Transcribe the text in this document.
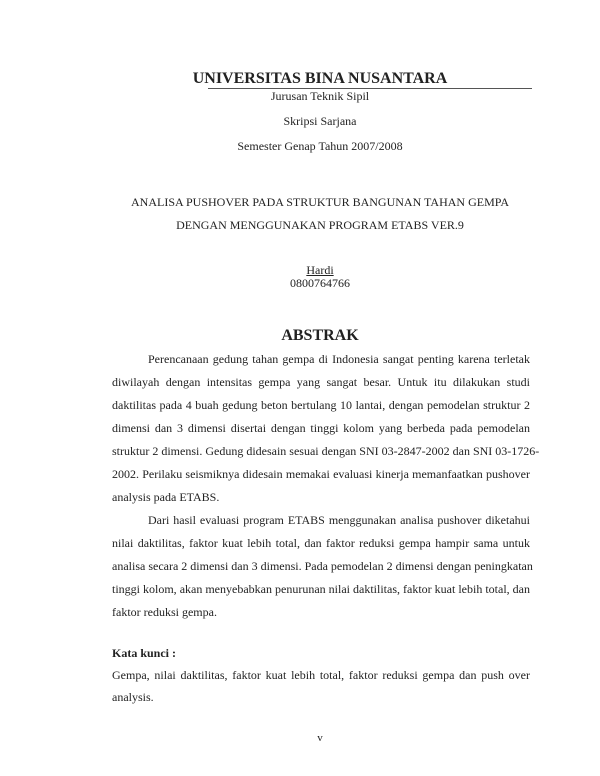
UNIVERSITAS BINA NUSANTARA
Jurusan Teknik Sipil
Skripsi Sarjana
Semester Genap Tahun 2007/2008
ANALISA PUSHOVER PADA STRUKTUR BANGUNAN TAHAN GEMPA
DENGAN MENGGUNAKAN PROGRAM ETABS VER.9
Hardi
0800764766
ABSTRAK
Perencanaan gedung tahan gempa di Indonesia sangat penting karena terletak
diwilayah dengan intensitas gempa yang sangat besar. Untuk itu dilakukan studi
daktilitas pada 4 buah gedung beton bertulang 10 lantai, dengan pemodelan struktur 2
dimensi dan 3 dimensi disertai dengan tinggi kolom yang berbeda pada pemodelan
struktur 2 dimensi. Gedung didesain sesuai dengan SNI 03-2847-2002 dan SNI 03-1726-
2002. Perilaku seismiknya didesain memakai evaluasi kinerja memanfaatkan pushover
analysis pada ETABS.
Dari hasil evaluasi program ETABS menggunakan analisa pushover diketahui
nilai daktilitas, faktor kuat lebih total, dan faktor reduksi gempa hampir sama untuk
analisa secara 2 dimensi dan 3 dimensi. Pada pemodelan 2 dimensi dengan peningkatan
tinggi kolom, akan menyebabkan penurunan nilai daktilitas, faktor kuat lebih total, dan
faktor reduksi gempa.
Kata kunci :
Gempa, nilai daktilitas, faktor kuat lebih total, faktor reduksi gempa dan push over
analysis.
v
